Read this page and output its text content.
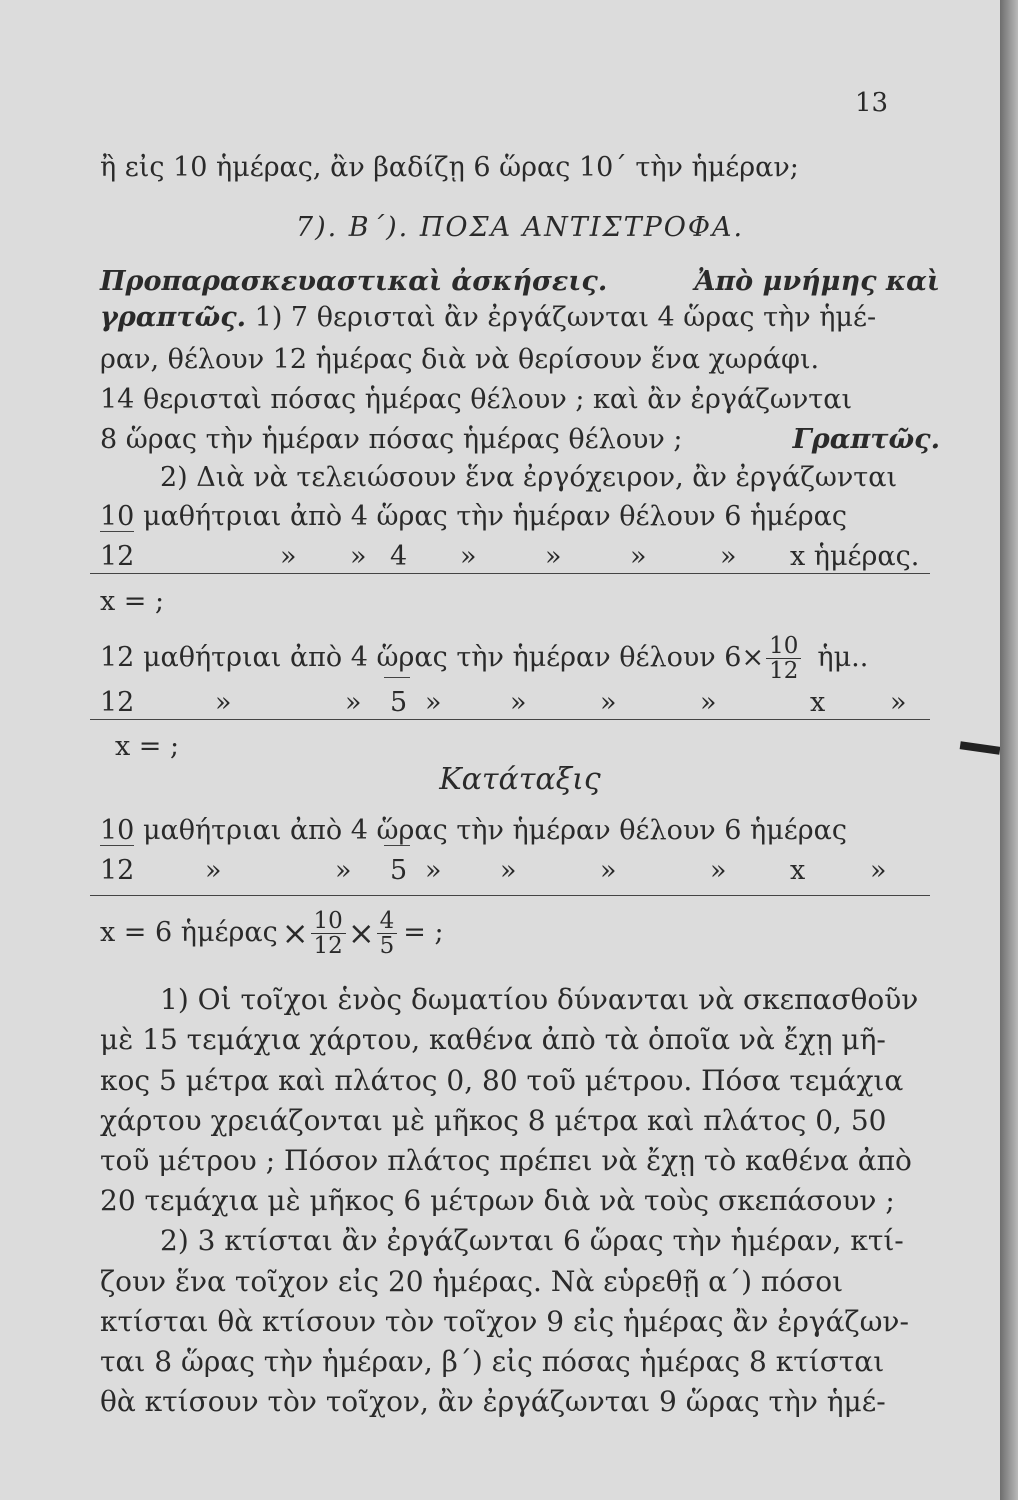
13
ἢ εἰς 10 ἡμέρας, ἂν βαδίζῃ 6 ὥρας 10΄ τὴν ἡμέραν;
7). Β΄). ΠΟΣΑ ΑΝΤΙΣΤΡΟΦΑ.
Προπαρασκευαστικαὶ ἀσκήσεις.	Ἀπὸ μνήμης καὶ
γραπτῶς. 1) 7 θερισταὶ ἂν ἐργάζωνται 4 ὥρας τὴν ἡμέ-
ραν, θέλουν 12 ἡμέρας διὰ νὰ θερίσουν ἕνα χωράφι.
14 θερισταὶ πόσας ἡμέρας θέλουν ; καὶ ἂν ἐργάζωνται
8 ὥρας τὴν ἡμέραν πόσας ἡμέρας θέλουν ;	Γραπτῶς.
2) Διὰ νὰ τελειώσουν ἕνα ἐργόχειρον, ἂν ἐργάζωνται
10 μαθήτριαι ἀπὸ 4 ὥρας τὴν ἡμέραν θέλουν 6 ἡμέρας
12	» » 4 »	»	»	» x ἡμέρας.
x = ;
12 μαθήτριαι ἀπὸ 4 ὥρας τὴν ἡμέραν θέλουν $6 \times \frac{10}{12}$ ἡμ..
12	»	» 5 »	»	»	»	x »
x = ;
Κατάταξις
10 μαθήτριαι ἀπὸ 4 ὥρας τὴν ἡμέραν θέλουν 6 ἡμέρας
12	»	» 5 » »	»	» x »
x = 6 ἡμέρας × $\frac{10}{12} \times \frac{4}{5}$ = ;
1) Οἱ τοῖχοι ἑνὸς δωματίου δύνανται νὰ σκεπασθοῦν
μὲ 15 τεμάχια χάρτου, καθένα ἀπὸ τὰ ὁποῖα νὰ ἔχῃ μῆ-
κος 5 μέτρα καὶ πλάτος 0, 80 τοῦ μέτρου. Πόσα τεμάχια
χάρτου χρειάζονται μὲ μῆκος 8 μέτρα καὶ πλάτος 0, 50
τοῦ μέτρου ; Πόσον πλάτος πρέπει νὰ ἔχῃ τὸ καθένα ἀπὸ
20 τεμάχια μὲ μῆκος 6 μέτρων διὰ νὰ τοὺς σκεπάσουν ;
2) 3 κτίσται ἂν ἐργάζωνται 6 ὥρας τὴν ἡμέραν, κτί-
ζουν ἕνα τοῖχον εἰς 20 ἡμέρας. Νὰ εὑρεθῇ α΄) πόσοι
κτίσται θὰ κτίσουν τὸν τοῖχον 9 εἰς ἡμέρας ἂν ἐργάζων-
ται 8 ὥρας τὴν ἡμέραν, β΄) εἰς πόσας ἡμέρας 8 κτίσται
θὰ κτίσουν τὸν τοῖχον, ἂν ἐργάζωνται 9 ὥρας τὴν ἡμέ-
